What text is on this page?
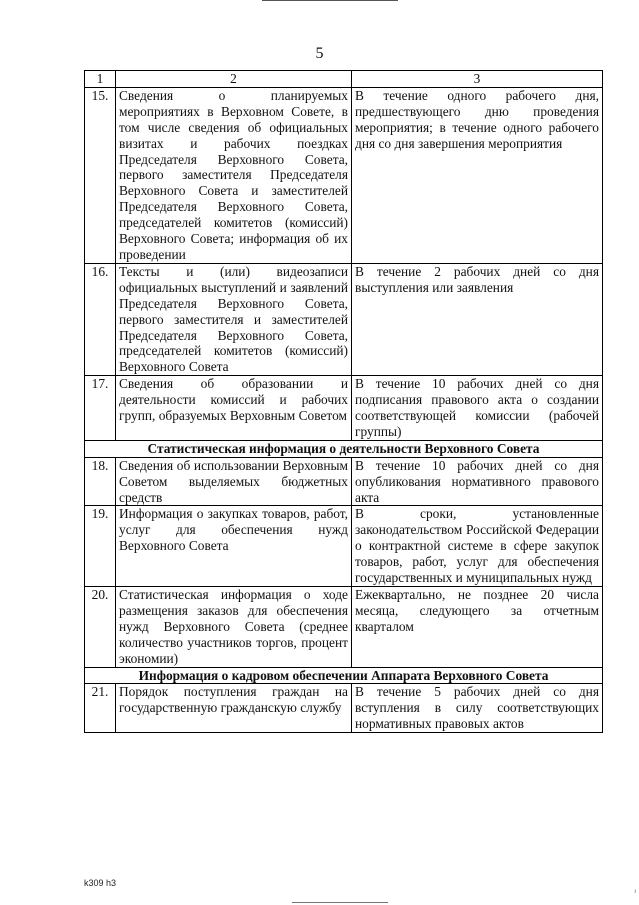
5
1	2	3
15.	Сведения о планируемых мероприятиях в Верховном Совете, в том числе сведения об официальных визитах и рабочих поездках Председателя Верховного Совета, первого заместителя Председателя Верховного Совета и заместителей Председателя Верховного Совета, председателей комитетов (комиссий) Верховного Совета; информация об их проведении	В течение одного рабочего дня, предшествующего дню проведения мероприятия; в течение одного рабочего дня со дня завершения мероприятия
16.	Тексты и (или) видеозаписи официальных выступлений и заявлений Председателя Верховного Совета, первого заместителя и заместителей Председателя Верховного Совета, председателей комитетов (комиссий) Верховного Совета	В течение 2 рабочих дней со дня выступления или заявления
17.	Сведения об образовании и деятельности комиссий и рабочих групп, образуемых Верховным Советом	В течение 10 рабочих дней со дня подписания правового акта о создании соответствующей комиссии (рабочей группы)
Статистическая информация о деятельности Верховного Совета		
18.	Сведения об использовании Верховным Советом выделяемых бюджетных средств	В течение 10 рабочих дней со дня опубликования нормативного правового акта
19.	Информация о закупках товаров, работ, услуг для обеспечения нужд Верховного Совета	В сроки, установленные законодательством Российской Федерации о контрактной системе в сфере закупок товаров, работ, услуг для обеспечения государственных и муниципальных нужд
20.	Статистическая информация о ходе размещения заказов для обеспечения нужд Верховного Совета (среднее количество участников торгов, процент экономии)	Ежеквартально, не позднее 20 числа месяца, следующего за отчетным кварталом
Информация о кадровом обеспечении Аппарата Верховного Совета		
21.	Порядок поступления граждан на государственную гражданскую службу	В течение 5 рабочих дней со дня вступления в силу соответствующих нормативных правовых актов
k309 h3
ⁱ
